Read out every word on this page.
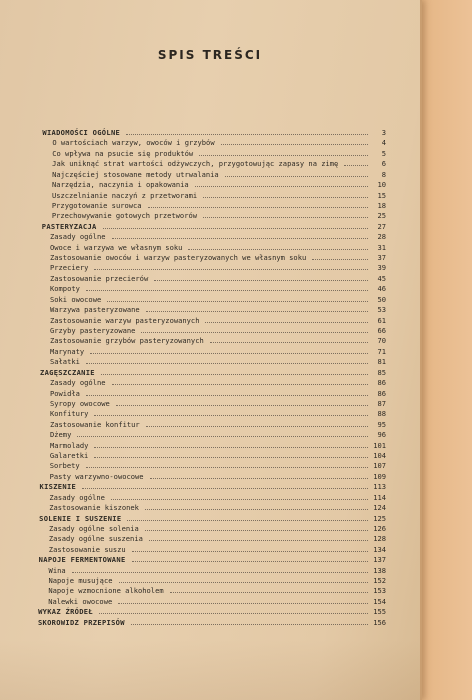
SPIS TREŚCI
WIADOMOŚCI OGÓLNE	3
O wartościach warzyw, owoców i grzybów	4
Co wpływa na psucie się produktów	5
Jak uniknąć strat wartości odżywczych, przygotowując zapasy na zimę	6
Najczęściej stosowane metody utrwalania	8
Narzędzia, naczynia i opakowania	10
Uszczelnianie naczyń z przetworami	15
Przygotowanie surowca	18
Przechowywanie gotowych przetworów	25
PASTERYZACJA	27
Zasady ogólne	28
Owoce i warzywa we własnym soku	31
Zastosowanie owoców i warzyw pasteryzowanych we własnym soku	37
Przeciery	39
Zastosowanie przecierów	45
Kompoty	46
Soki owocowe	50
Warzywa pasteryzowane	53
Zastosowanie warzyw pasteryzowanych	61
Grzyby pasteryzowane	66
Zastosowanie grzybów pasteryzowanych	70
Marynaty	71
Sałatki	81
ZAGĘSZCZANIE	85
Zasady ogólne	86
Powidła	86
Syropy owocowe	87
Konfitury	88
Zastosowanie konfitur	95
Dżemy	96
Marmolady	101
Galaretki	104
Sorbety	107
Pasty warzywno-owocowe	109
KISZENIE	113
Zasady ogólne	114
Zastosowanie kiszonek	124
SOLENIE I SUSZENIE	125
Zasady ogólne solenia	126
Zasady ogólne suszenia	128
Zastosowanie suszu	134
NAPOJE FERMENTOWANE	137
Wina	138
Napoje musujące	152
Napoje wzmocnione alkoholem	153
Nalewki owocowe	154
WYKAZ ŹRÓDEŁ	155
SKOROWIDZ PRZEPISÓW	156
